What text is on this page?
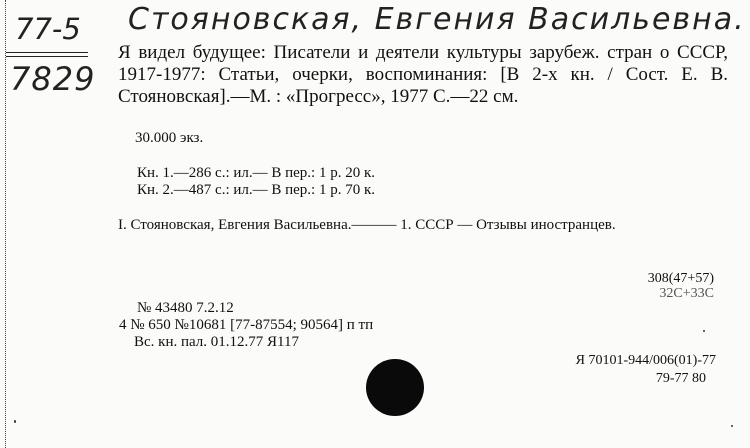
Стояновская, Евгения Васильевна.
77-5
7829
Я видел будущее: Писатели и деятели культуры зарубеж. стран о СССР, 1917-1977: Статьи, очерки, воспоминания: [В 2-х кн. / Сост. Е. В. Стояновская].—М. : «Прогресс», 1977 С.—22 см.
30.000 экз.
Кн. 1.—286 с.: ил.— В пер.: 1 р. 20 к.
Кн. 2.—487 с.: ил.— В пер.: 1 р. 70 к.
I. Стояновская, Евгения Васильевна.——— 1. СССР — Отзывы иностранцев.
308(47+57)
32С+33С
№ 43480 7.2.12
4 № 650 №10681 [77-87554; 90564] п тп
Вс. кн. пал. 01.12.77 Я117
Я 70101-944/006(01)-77
79-77 80
